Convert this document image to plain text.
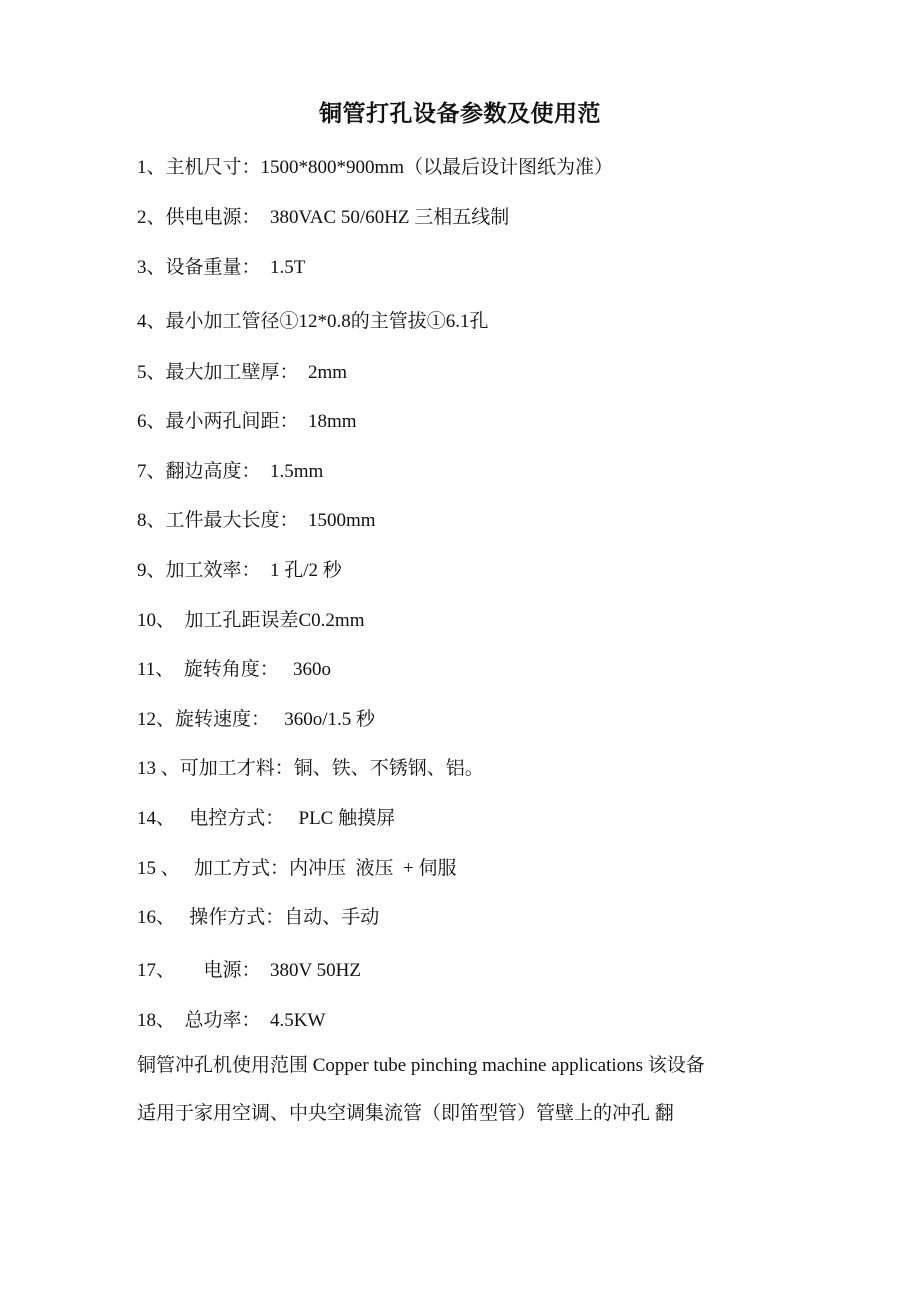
铜管打孔设备参数及使用范
1、主机尺寸：1500*800*900mm（以最后设计图纸为准）
2、供电电源：  380VAC 50/60HZ 三相五线制
3、设备重量：  1.5T
4、最小加工管径①12*0.8的主管拔①6.1孔
5、最大加工壁厚：  2mm
6、最小两孔间距：  18mm
7、翻边高度：  1.5mm
8、工件最大长度：  1500mm
9、加工效率：  1 孔/2 秒
10、  加工孔距误差C0.2mm
11、  旋转角度：   360o
12、旋转速度：   360o/1.5 秒
13 、可加工才料：铜、铁、不锈钢、铝。
14、   电控方式：   PLC 触摸屏
15 、   加工方式：内冲压  液压  + 伺服
16、   操作方式：自动、手动
17、      电源：  380V 50HZ
18、  总功率：  4.5KW
铜管冲孔机使用范围 Copper tube pinching machine applications 该设备
适用于家用空调、中央空调集流管（即笛型管）管壁上的冲孔 翻
